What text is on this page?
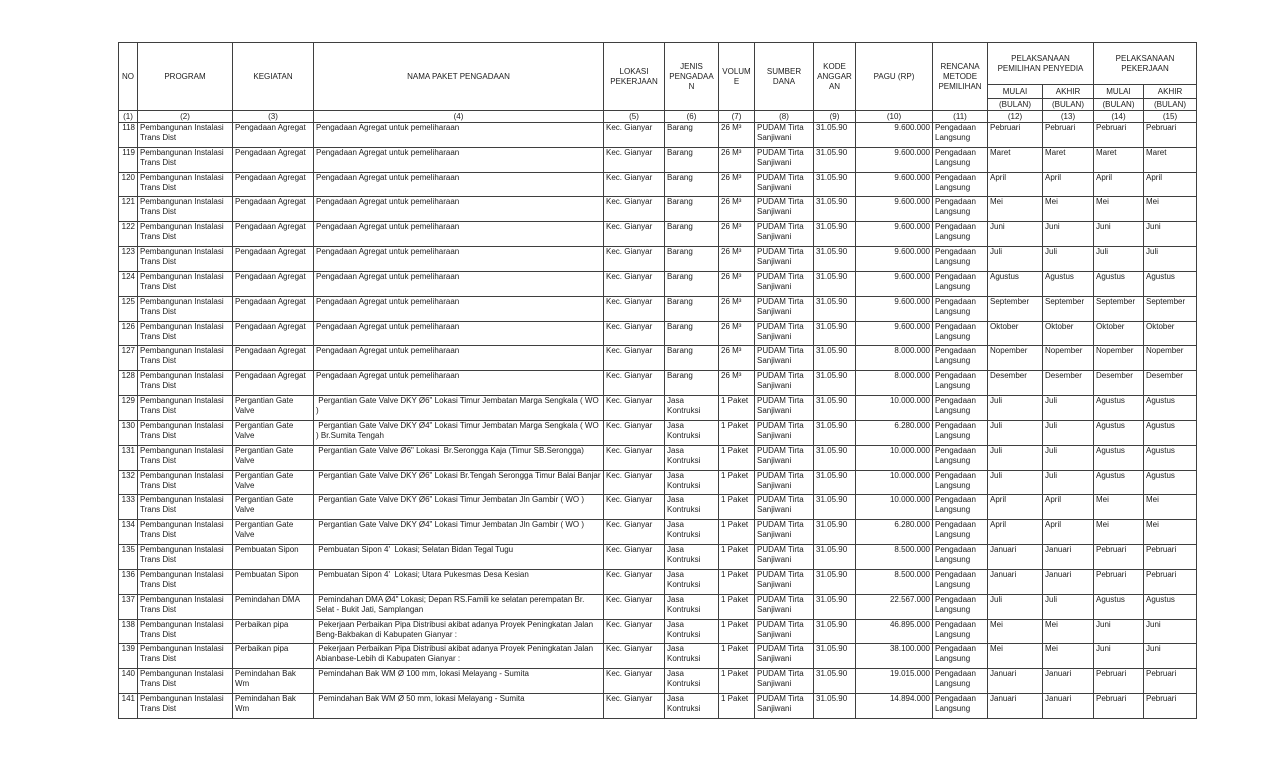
NO	PROGRAM	KEGIATAN	NAMA PAKET PENGADAAN	LOKASI PEKERJAAN	JENIS PENGADAAN	VOLUME	SUMBER DANA	KODE ANGGARAN	PAGU (RP)	RENCANA METODE PEMILIHAN	PELAKSANAAN PEMILIHAN PENYEDIA		PELAKSANAAN PEKERJAAN	
											MULAI	AKHIR	MULAI	AKHIR
											(BULAN)	(BULAN)	(BULAN)	(BULAN)
(1)	(2)	(3)	(4)	(5)	(6)	(7)	(8)	(9)	(10)	(11)	(12)	(13)	(14)	(15)
118	Pembangunan Instalasi Trans Dist	Pengadaan Agregat	Pengadaan Agregat untuk pemeliharaan	Kec. Gianyar	Barang	26 M³	PUDAM Tirta Sanjiwani	31.05.90	9.600.000	Pengadaan Langsung	Pebruari	Pebruari	Pebruari	Pebruari
119	Pembangunan Instalasi Trans Dist	Pengadaan Agregat	Pengadaan Agregat untuk pemeliharaan	Kec. Gianyar	Barang	26 M³	PUDAM Tirta Sanjiwani	31.05.90	9.600.000	Pengadaan Langsung	Maret	Maret	Maret	Maret
120	Pembangunan Instalasi Trans Dist	Pengadaan Agregat	Pengadaan Agregat untuk pemeliharaan	Kec. Gianyar	Barang	26 M³	PUDAM Tirta Sanjiwani	31.05.90	9.600.000	Pengadaan Langsung	April	April	April	April
121	Pembangunan Instalasi Trans Dist	Pengadaan Agregat	Pengadaan Agregat untuk pemeliharaan	Kec. Gianyar	Barang	26 M³	PUDAM Tirta Sanjiwani	31.05.90	9.600.000	Pengadaan Langsung	Mei	Mei	Mei	Mei
122	Pembangunan Instalasi Trans Dist	Pengadaan Agregat	Pengadaan Agregat untuk pemeliharaan	Kec. Gianyar	Barang	26 M³	PUDAM Tirta Sanjiwani	31.05.90	9.600.000	Pengadaan Langsung	Juni	Juni	Juni	Juni
123	Pembangunan Instalasi Trans Dist	Pengadaan Agregat	Pengadaan Agregat untuk pemeliharaan	Kec. Gianyar	Barang	26 M³	PUDAM Tirta Sanjiwani	31.05.90	9.600.000	Pengadaan Langsung	Juli	Juli	Juli	Juli
124	Pembangunan Instalasi Trans Dist	Pengadaan Agregat	Pengadaan Agregat untuk pemeliharaan	Kec. Gianyar	Barang	26 M³	PUDAM Tirta Sanjiwani	31.05.90	9.600.000	Pengadaan Langsung	Agustus	Agustus	Agustus	Agustus
125	Pembangunan Instalasi Trans Dist	Pengadaan Agregat	Pengadaan Agregat untuk pemeliharaan	Kec. Gianyar	Barang	26 M³	PUDAM Tirta Sanjiwani	31.05.90	9.600.000	Pengadaan Langsung	September	September	September	September
126	Pembangunan Instalasi Trans Dist	Pengadaan Agregat	Pengadaan Agregat untuk pemeliharaan	Kec. Gianyar	Barang	26 M³	PUDAM Tirta Sanjiwani	31.05.90	9.600.000	Pengadaan Langsung	Oktober	Oktober	Oktober	Oktober
127	Pembangunan Instalasi Trans Dist	Pengadaan Agregat	Pengadaan Agregat untuk pemeliharaan	Kec. Gianyar	Barang	26 M³	PUDAM Tirta Sanjiwani	31.05.90	8.000.000	Pengadaan Langsung	Nopember	Nopember	Nopember	Nopember
128	Pembangunan Instalasi Trans Dist	Pengadaan Agregat	Pengadaan Agregat untuk pemeliharaan	Kec. Gianyar	Barang	26 M³	PUDAM Tirta Sanjiwani	31.05.90	8.000.000	Pengadaan Langsung	Desember	Desember	Desember	Desember
129	Pembangunan Instalasi Trans Dist	Pergantian Gate Valve	Pergantian Gate Valve DKY Ø6" Lokasi Timur Jembatan Marga Sengkala ( WO )	Kec. Gianyar	Jasa Kontruksi	1 Paket	PUDAM Tirta Sanjiwani	31.05.90	10.000.000	Pengadaan Langsung	Juli	Juli	Agustus	Agustus
130	Pembangunan Instalasi Trans Dist	Pergantian Gate Valve	Pergantian Gate Valve DKY Ø4" Lokasi Timur Jembatan Marga Sengkala ( WO ) Br.Sumita Tengah	Kec. Gianyar	Jasa Kontruksi	1 Paket	PUDAM Tirta Sanjiwani	31.05.90	6.280.000	Pengadaan Langsung	Juli	Juli	Agustus	Agustus
131	Pembangunan Instalasi Trans Dist	Pergantian Gate Valve	Pergantian Gate Valve Ø6" Lokasi  Br.Serongga Kaja (Timur SB.Serongga)	Kec. Gianyar	Jasa Kontruksi	1 Paket	PUDAM Tirta Sanjiwani	31.05.90	10.000.000	Pengadaan Langsung	Juli	Juli	Agustus	Agustus
132	Pembangunan Instalasi Trans Dist	Pergantian Gate Valve	Pergantian Gate Valve DKY Ø6" Lokasi Br.Tengah Serongga Timur Balai Banjar	Kec. Gianyar	Jasa Kontruksi	1 Paket	PUDAM Tirta Sanjiwani	31.05.90	10.000.000	Pengadaan Langsung	Juli	Juli	Agustus	Agustus
133	Pembangunan Instalasi Trans Dist	Pergantian Gate Valve	Pergantian Gate Valve DKY Ø6" Lokasi Timur Jembatan Jln Gambir ( WO )	Kec. Gianyar	Jasa Kontruksi	1 Paket	PUDAM Tirta Sanjiwani	31.05.90	10.000.000	Pengadaan Langsung	April	April	Mei	Mei
134	Pembangunan Instalasi Trans Dist	Pergantian Gate Valve	Pergantian Gate Valve DKY Ø4" Lokasi Timur Jembatan Jln Gambir ( WO )	Kec. Gianyar	Jasa Kontruksi	1 Paket	PUDAM Tirta Sanjiwani	31.05.90	6.280.000	Pengadaan Langsung	April	April	Mei	Mei
135	Pembangunan Instalasi Trans Dist	Pembuatan Sipon	Pembuatan Sipon 4'  Lokasi; Selatan Bidan Tegal Tugu	Kec. Gianyar	Jasa Kontruksi	1 Paket	PUDAM Tirta Sanjiwani	31.05.90	8.500.000	Pengadaan Langsung	Januari	Januari	Pebruari	Pebruari
136	Pembangunan Instalasi Trans Dist	Pembuatan Sipon	Pembuatan Sipon 4'  Lokasi; Utara Pukesmas Desa Kesian	Kec. Gianyar	Jasa Kontruksi	1 Paket	PUDAM Tirta Sanjiwani	31.05.90	8.500.000	Pengadaan Langsung	Januari	Januari	Pebruari	Pebruari
137	Pembangunan Instalasi Trans Dist	Pemindahan DMA	Pemindahan DMA Ø4" Lokasi; Depan RS.Famili ke selatan perempatan Br. Selat - Bukit Jati, Samplangan	Kec. Gianyar	Jasa Kontruksi	1 Paket	PUDAM Tirta Sanjiwani	31.05.90	22.567.000	Pengadaan Langsung	Juli	Juli	Agustus	Agustus
138	Pembangunan Instalasi Trans Dist	Perbaikan pipa	Pekerjaan Perbaikan Pipa Distribusi akibat adanya Proyek Peningkatan Jalan Beng-Bakbakan di Kabupaten Gianyar :	Kec. Gianyar	Jasa Kontruksi	1 Paket	PUDAM Tirta Sanjiwani	31.05.90	46.895.000	Pengadaan Langsung	Mei	Mei	Juni	Juni
139	Pembangunan Instalasi Trans Dist	Perbaikan pipa	Pekerjaan Perbaikan Pipa Distribusi akibat adanya Proyek Peningkatan Jalan Abianbase-Lebih di Kabupaten Gianyar :	Kec. Gianyar	Jasa Kontruksi	1 Paket	PUDAM Tirta Sanjiwani	31.05.90	38.100.000	Pengadaan Langsung	Mei	Mei	Juni	Juni
140	Pembangunan Instalasi Trans Dist	Pemindahan Bak Wm	Pemindahan Bak WM Ø 100 mm, lokasi Melayang - Sumita	Kec. Gianyar	Jasa Kontruksi	1 Paket	PUDAM Tirta Sanjiwani	31.05.90	19.015.000	Pengadaan Langsung	Januari	Januari	Pebruari	Pebruari
141	Pembangunan Instalasi Trans Dist	Pemindahan Bak Wm	Pemindahan Bak WM Ø 50 mm, lokasi Melayang - Sumita	Kec. Gianyar	Jasa Kontruksi	1 Paket	PUDAM Tirta Sanjiwani	31.05.90	14.894.000	Pengadaan Langsung	Januari	Januari	Pebruari	Pebruari
